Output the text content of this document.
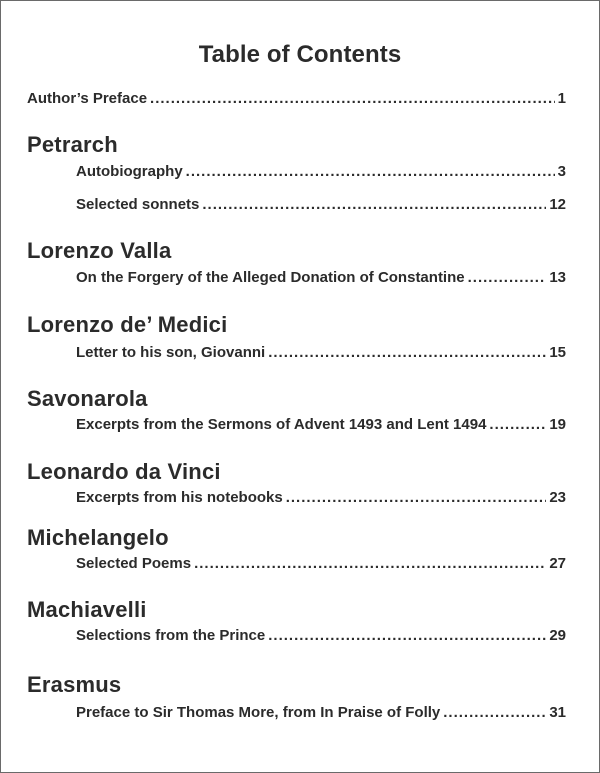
Table of Contents
Author’s Preface .....	1
Petrarch
Autobiography .....	3
Selected sonnets .....	12
Lorenzo Valla
On the Forgery of the Alleged Donation of Constantine .....	13
Lorenzo de’ Medici
Letter to his son, Giovanni .....	15
Savonarola
Excerpts from the Sermons of Advent 1493 and Lent 1494 .....	19
Leonardo da Vinci
Excerpts from his notebooks .....	23
Michelangelo
Selected Poems .....	27
Machiavelli
Selections from the Prince .....	29
Erasmus
Preface to Sir Thomas More, from In Praise of Folly .....	31
